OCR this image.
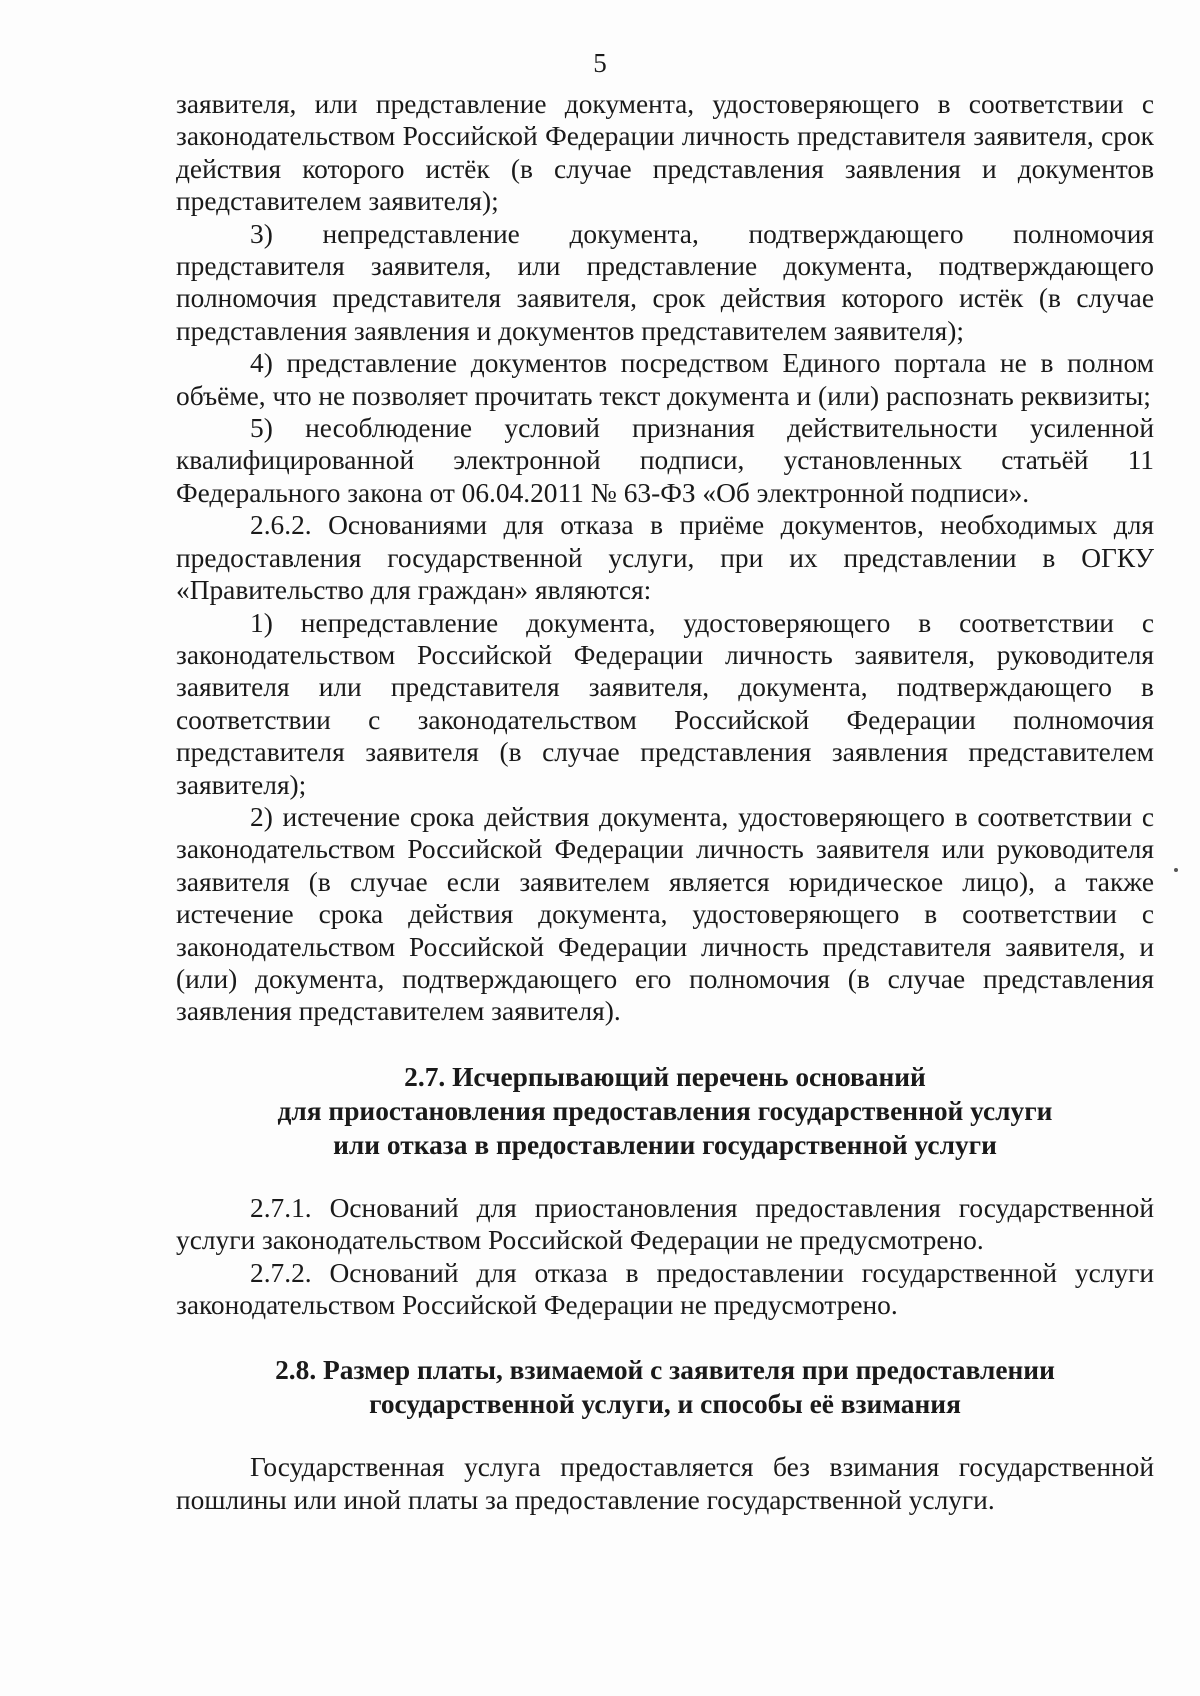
5

заявителя, или представление документа, удостоверяющего в соответствии с законодательством Российской Федерации личность представителя заявителя, срок действия которого истёк (в случае представления заявления и документов представителем заявителя);

3) непредставление документа, подтверждающего полномочия представителя заявителя, или представление документа, подтверждающего полномочия представителя заявителя, срок действия которого истёк (в случае представления заявления и документов представителем заявителя);

4) представление документов посредством Единого портала не в полном объёме, что не позволяет прочитать текст документа и (или) распознать реквизиты;

5) несоблюдение условий признания действительности усиленной квалифицированной электронной подписи, установленных статьёй 11 Федерального закона от 06.04.2011 № 63-ФЗ «Об электронной подписи».

2.6.2. Основаниями для отказа в приёме документов, необходимых для предоставления государственной услуги, при их представлении в ОГКУ «Правительство для граждан» являются:

1) непредставление документа, удостоверяющего в соответствии с законодательством Российской Федерации личность заявителя, руководителя заявителя или представителя заявителя, документа, подтверждающего в соответствии с законодательством Российской Федерации полномочия представителя заявителя (в случае представления заявления представителем заявителя);

2) истечение срока действия документа, удостоверяющего в соответствии с законодательством Российской Федерации личность заявителя или руководителя заявителя (в случае если заявителем является юридическое лицо), а также истечение срока действия документа, удостоверяющего в соответствии с законодательством Российской Федерации личность представителя заявителя, и (или) документа, подтверждающего его полномочия (в случае представления заявления представителем заявителя).

2.7. Исчерпывающий перечень оснований
для приостановления предоставления государственной услуги
или отказа в предоставлении государственной услуги

2.7.1. Оснований для приостановления предоставления государственной услуги законодательством Российской Федерации не предусмотрено.

2.7.2. Оснований для отказа в предоставлении государственной услуги законодательством Российской Федерации не предусмотрено.

2.8. Размер платы, взимаемой с заявителя при предоставлении
государственной услуги, и способы её взимания

Государственная услуга предоставляется без взимания государственной пошлины или иной платы за предоставление государственной услуги.
